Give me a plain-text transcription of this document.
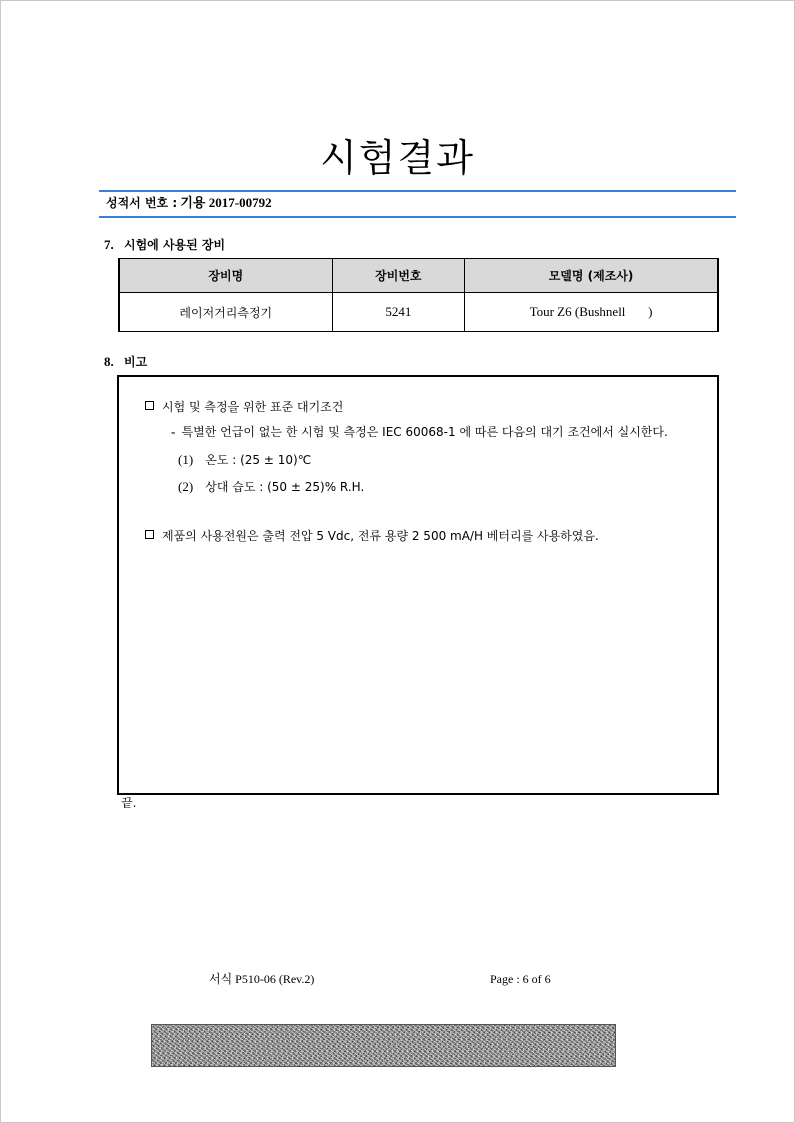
시험결과
성적서 번호 : 기용 2017-00792
7. 시험에 사용된 장비
장비명	장비번호	모델명 (제조사)
레이저거리측정기	5241	Tour Z6 (Bushnell       )
8. 비고
시험 및 측정을 위한 표준 대기조건
- 특별한 언급이 없는 한 시험 및 측정은 IEC 60068-1 에 따른 다음의 대기 조건에서 실시한다.
(1) 온도 : (25 ± 10)℃
(2) 상대 습도 : (50 ± 25)% R.H.
제품의 사용전원은 출력 전압 5 Vdc, 전류 용량 2 500 mA/H 베터리를 사용하였음.
끝.
서식 P510-06 (Rev.2)	Page : 6 of 6
